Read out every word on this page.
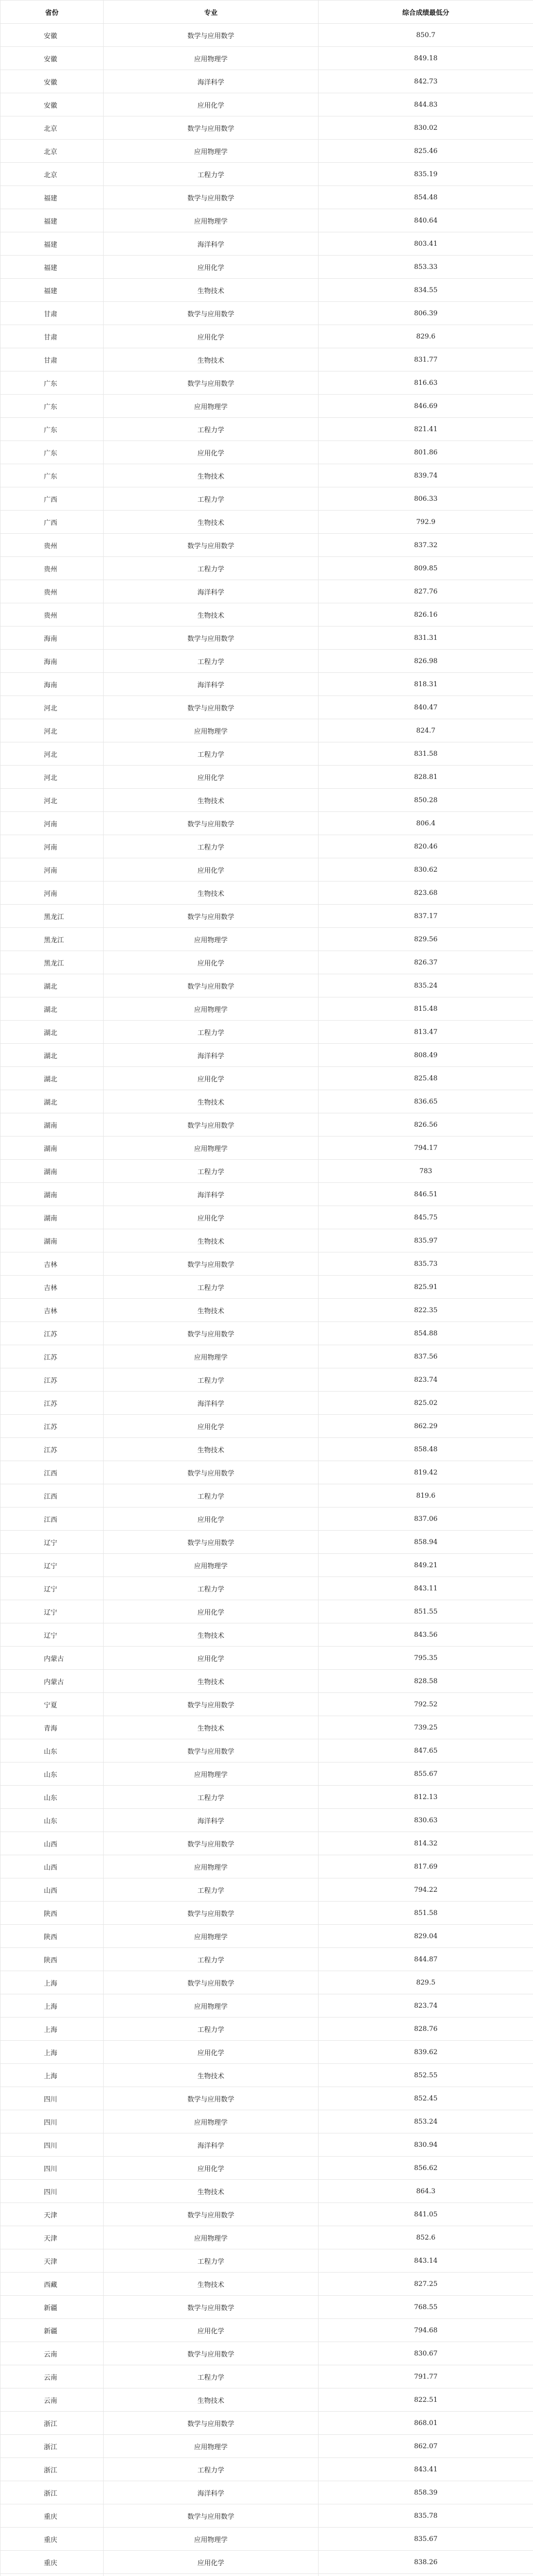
省份	专业	综合成绩最低分
安徽	数学与应用数学	850.7
安徽	应用物理学	849.18
安徽	海洋科学	842.73
安徽	应用化学	844.83
北京	数学与应用数学	830.02
北京	应用物理学	825.46
北京	工程力学	835.19
福建	数学与应用数学	854.48
福建	应用物理学	840.64
福建	海洋科学	803.41
福建	应用化学	853.33
福建	生物技术	834.55
甘肃	数学与应用数学	806.39
甘肃	应用化学	829.6
甘肃	生物技术	831.77
广东	数学与应用数学	816.63
广东	应用物理学	846.69
广东	工程力学	821.41
广东	应用化学	801.86
广东	生物技术	839.74
广西	工程力学	806.33
广西	生物技术	792.9
贵州	数学与应用数学	837.32
贵州	工程力学	809.85
贵州	海洋科学	827.76
贵州	生物技术	826.16
海南	数学与应用数学	831.31
海南	工程力学	826.98
海南	海洋科学	818.31
河北	数学与应用数学	840.47
河北	应用物理学	824.7
河北	工程力学	831.58
河北	应用化学	828.81
河北	生物技术	850.28
河南	数学与应用数学	806.4
河南	工程力学	820.46
河南	应用化学	830.62
河南	生物技术	823.68
黑龙江	数学与应用数学	837.17
黑龙江	应用物理学	829.56
黑龙江	应用化学	826.37
湖北	数学与应用数学	835.24
湖北	应用物理学	815.48
湖北	工程力学	813.47
湖北	海洋科学	808.49
湖北	应用化学	825.48
湖北	生物技术	836.65
湖南	数学与应用数学	826.56
湖南	应用物理学	794.17
湖南	工程力学	783
湖南	海洋科学	846.51
湖南	应用化学	845.75
湖南	生物技术	835.97
吉林	数学与应用数学	835.73
吉林	工程力学	825.91
吉林	生物技术	822.35
江苏	数学与应用数学	854.88
江苏	应用物理学	837.56
江苏	工程力学	823.74
江苏	海洋科学	825.02
江苏	应用化学	862.29
江苏	生物技术	858.48
江西	数学与应用数学	819.42
江西	工程力学	819.6
江西	应用化学	837.06
辽宁	数学与应用数学	858.94
辽宁	应用物理学	849.21
辽宁	工程力学	843.11
辽宁	应用化学	851.55
辽宁	生物技术	843.56
内蒙古	应用化学	795.35
内蒙古	生物技术	828.58
宁夏	数学与应用数学	792.52
青海	生物技术	739.25
山东	数学与应用数学	847.65
山东	应用物理学	855.67
山东	工程力学	812.13
山东	海洋科学	830.63
山西	数学与应用数学	814.32
山西	应用物理学	817.69
山西	工程力学	794.22
陕西	数学与应用数学	851.58
陕西	应用物理学	829.04
陕西	工程力学	844.87
上海	数学与应用数学	829.5
上海	应用物理学	823.74
上海	工程力学	828.76
上海	应用化学	839.62
上海	生物技术	852.55
四川	数学与应用数学	852.45
四川	应用物理学	853.24
四川	海洋科学	830.94
四川	应用化学	856.62
四川	生物技术	864.3
天津	数学与应用数学	841.05
天津	应用物理学	852.6
天津	工程力学	843.14
西藏	生物技术	827.25
新疆	数学与应用数学	768.55
新疆	应用化学	794.68
云南	数学与应用数学	830.67
云南	工程力学	791.77
云南	生物技术	822.51
浙江	数学与应用数学	868.01
浙江	应用物理学	862.07
浙江	工程力学	843.41
浙江	海洋科学	858.39
重庆	数学与应用数学	835.78
重庆	应用物理学	835.67
重庆	应用化学	838.26
